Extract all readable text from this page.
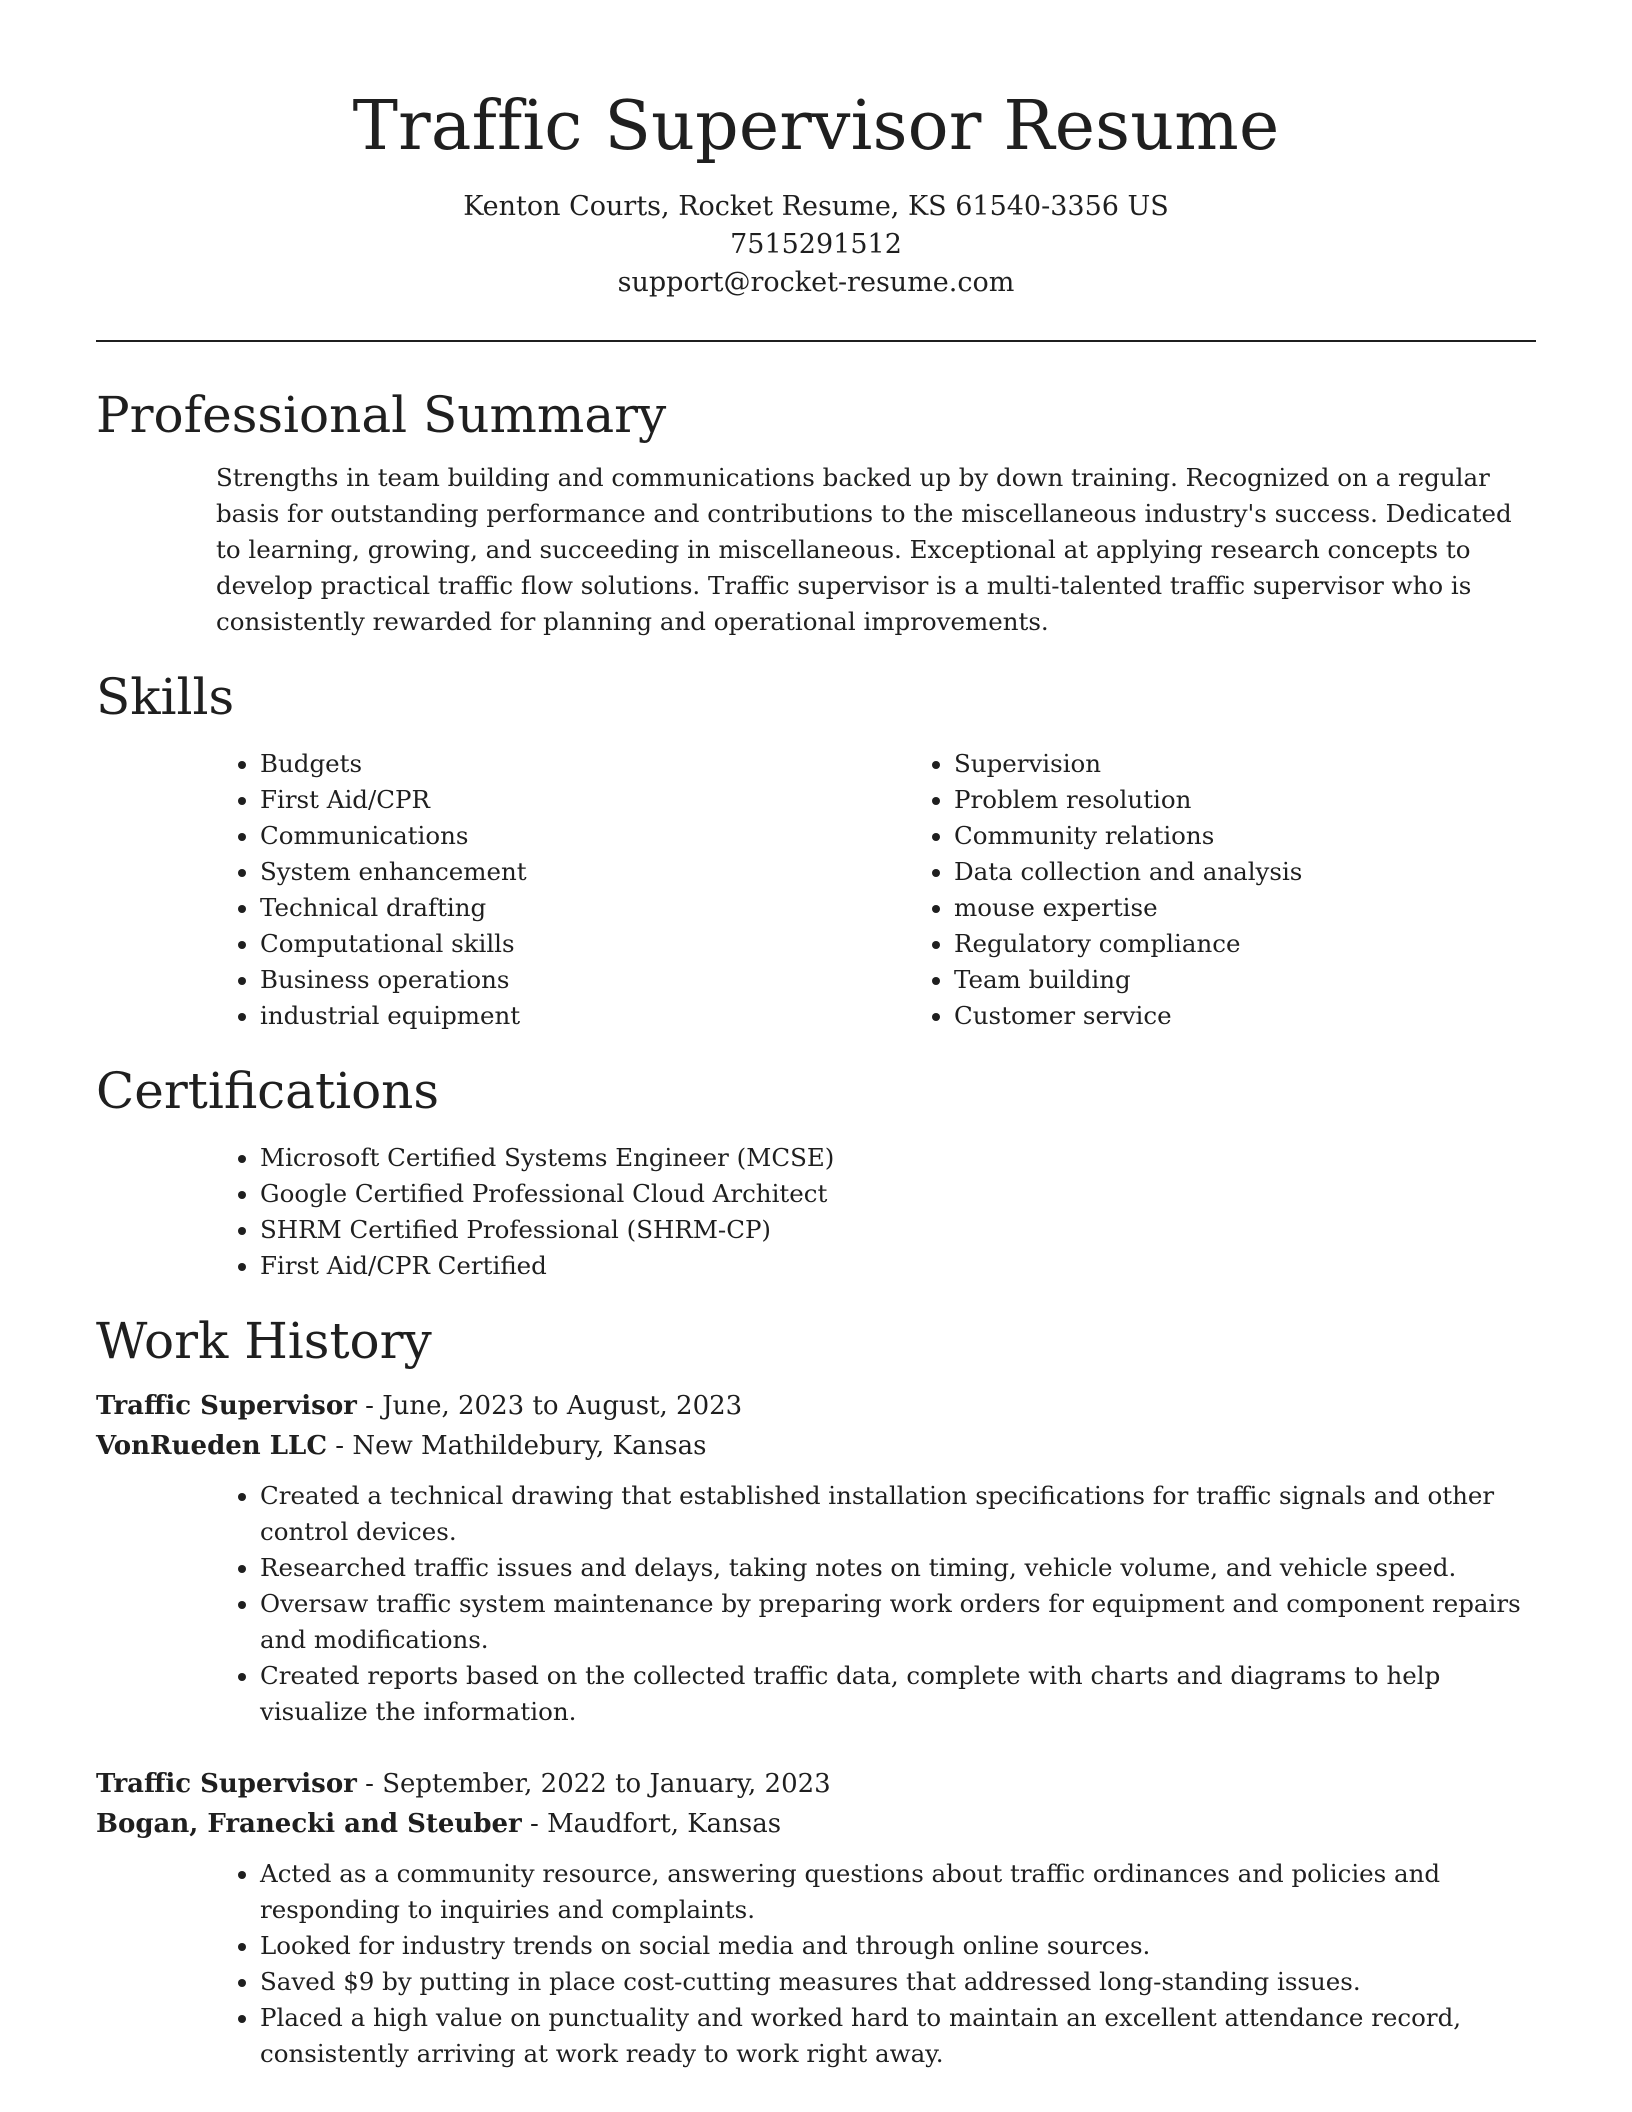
Traffic Supervisor Resume

Kenton Courts, Rocket Resume, KS 61540-3356 US

7515291512

support@rocket-resume.com

Professional Summary

Strengths in team building and communications backed up by down training. Recognized on a regular basis for outstanding performance and contributions to the miscellaneous industry's success. Dedicated to learning, growing, and succeeding in miscellaneous. Exceptional at applying research concepts to develop practical traffic flow solutions. Traffic supervisor is a multi-talented traffic supervisor who is consistently rewarded for planning and operational improvements.

Skills
• Budgets
• First Aid/CPR
• Communications
• System enhancement
• Technical drafting
• Computational skills
• Business operations
• industrial equipment
• Supervision
• Problem resolution
• Community relations
• Data collection and analysis
• mouse expertise
• Regulatory compliance
• Team building
• Customer service
Certifications
• Microsoft Certified Systems Engineer (MCSE)
• Google Certified Professional Cloud Architect
• SHRM Certified Professional (SHRM-CP)
• First Aid/CPR Certified
Work History

Traffic Supervisor - June, 2023 to August, 2023

VonRueden LLC - New Mathildebury, Kansas

• Created a technical drawing that established installation specifications for traffic signals and other control devices.
• Researched traffic issues and delays, taking notes on timing, vehicle volume, and vehicle speed.
• Oversaw traffic system maintenance by preparing work orders for equipment and component repairs and modifications.
• Created reports based on the collected traffic data, complete with charts and diagrams to help visualize the information.

Traffic Supervisor - September, 2022 to January, 2023

Bogan, Franecki and Steuber - Maudfort, Kansas

• Acted as a community resource, answering questions about traffic ordinances and policies and responding to inquiries and complaints.
• Looked for industry trends on social media and through online sources.
• Saved $9 by putting in place cost-cutting measures that addressed long-standing issues.
• Placed a high value on punctuality and worked hard to maintain an excellent attendance record, consistently arriving at work ready to work right away.
